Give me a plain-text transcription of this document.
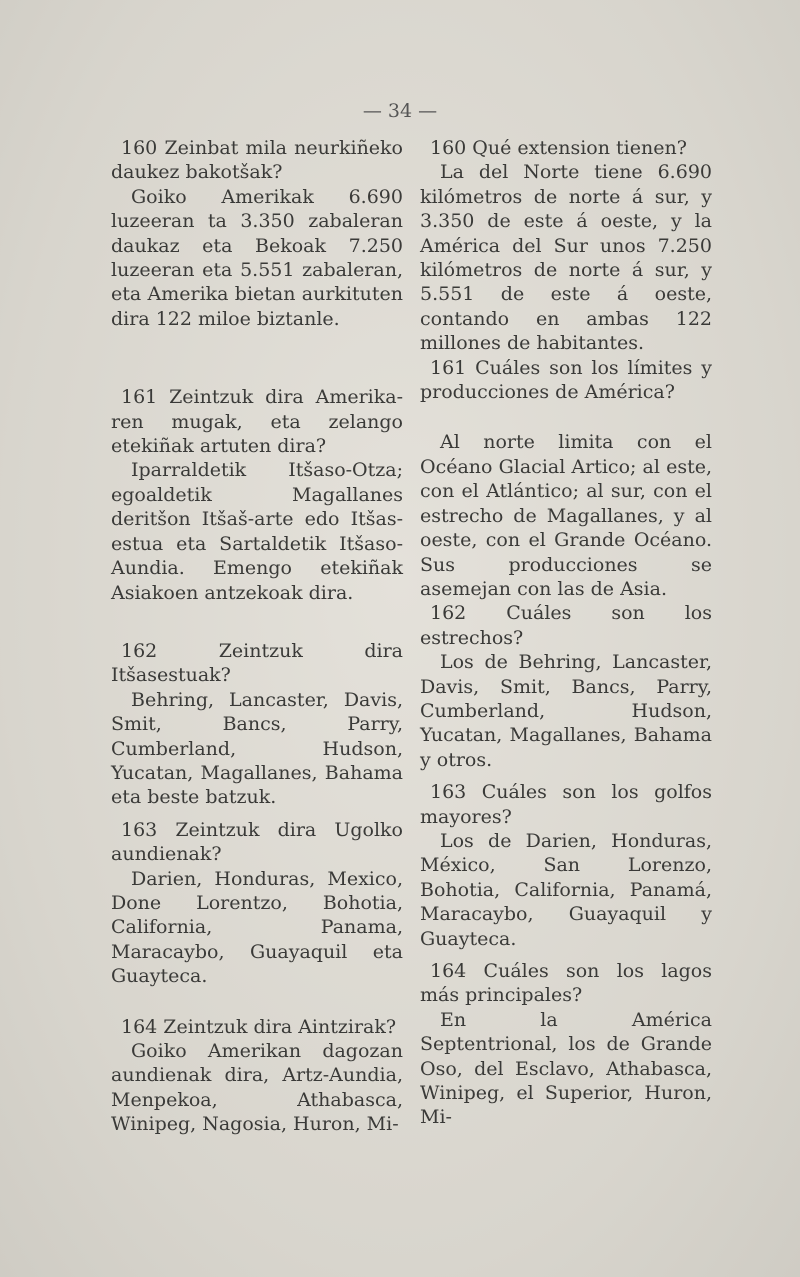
— 34 —

160 Zeinbat mila neurkiñeko daukez bakotšak?

Goiko Amerikak 6.690 luzeeran ta 3.350 zabaleran daukaz eta Bekoak 7.250 luzeeran eta 5.551 zabaleran, eta Amerika bietan aurkituten dira 122 miloe biztanle.

161 Zeintzuk dira Amerika-ren mugak, eta zelango etekiñak artuten dira?

Iparraldetik Itšaso-Otza; egoaldetik Magallanes deritšon Itšaš-arte edo Itšas-estua eta Sartaldetik Itšaso-Aundia. Emengo etekiñak Asiakoen antzekoak dira.

162 Zeintzuk dira Itšasestuak?

Behring, Lancaster, Davis, Smit, Bancs, Parry, Cumberland, Hudson, Yucatan, Magallanes, Bahama eta beste batzuk.

163 Zeintzuk dira Ugolko aundienak?

Darien, Honduras, Mexico, Done Lorentzo, Bohotia, California, Panama, Maracaybo, Guayaquil eta Guayteca.

164 Zeintzuk dira Aintzirak?

Goiko Amerikan dagozan aundienak dira, Artz-Aundia, Menpekoa, Athabasca, Winipeg, Nagosia, Huron, Mi-

160 Qué extension tienen?

La del Norte tiene 6.690 kilómetros de norte á sur, y 3.350 de este á oeste, y la América del Sur unos 7.250 kilómetros de norte á sur, y 5.551 de este á oeste, contando en ambas 122 millones de habitantes.

161 Cuáles son los límites y producciones de América?

Al norte limita con el Océano Glacial Artico; al este, con el Atlántico; al sur, con el estrecho de Magallanes, y al oeste, con el Grande Océano. Sus producciones se asemejan con las de Asia.

162 Cuáles son los estrechos?

Los de Behring, Lancaster, Davis, Smit, Bancs, Parry, Cumberland, Hudson, Yucatan, Magallanes, Bahama y otros.

163 Cuáles son los golfos mayores?

Los de Darien, Honduras, México, San Lorenzo, Bohotia, California, Panamá, Maracaybo, Guayaquil y Guayteca.

164 Cuáles son los lagos más principales?

En la América Septentrional, los de Grande Oso, del Esclavo, Athabasca, Winipeg, el Superior, Huron, Mi-
